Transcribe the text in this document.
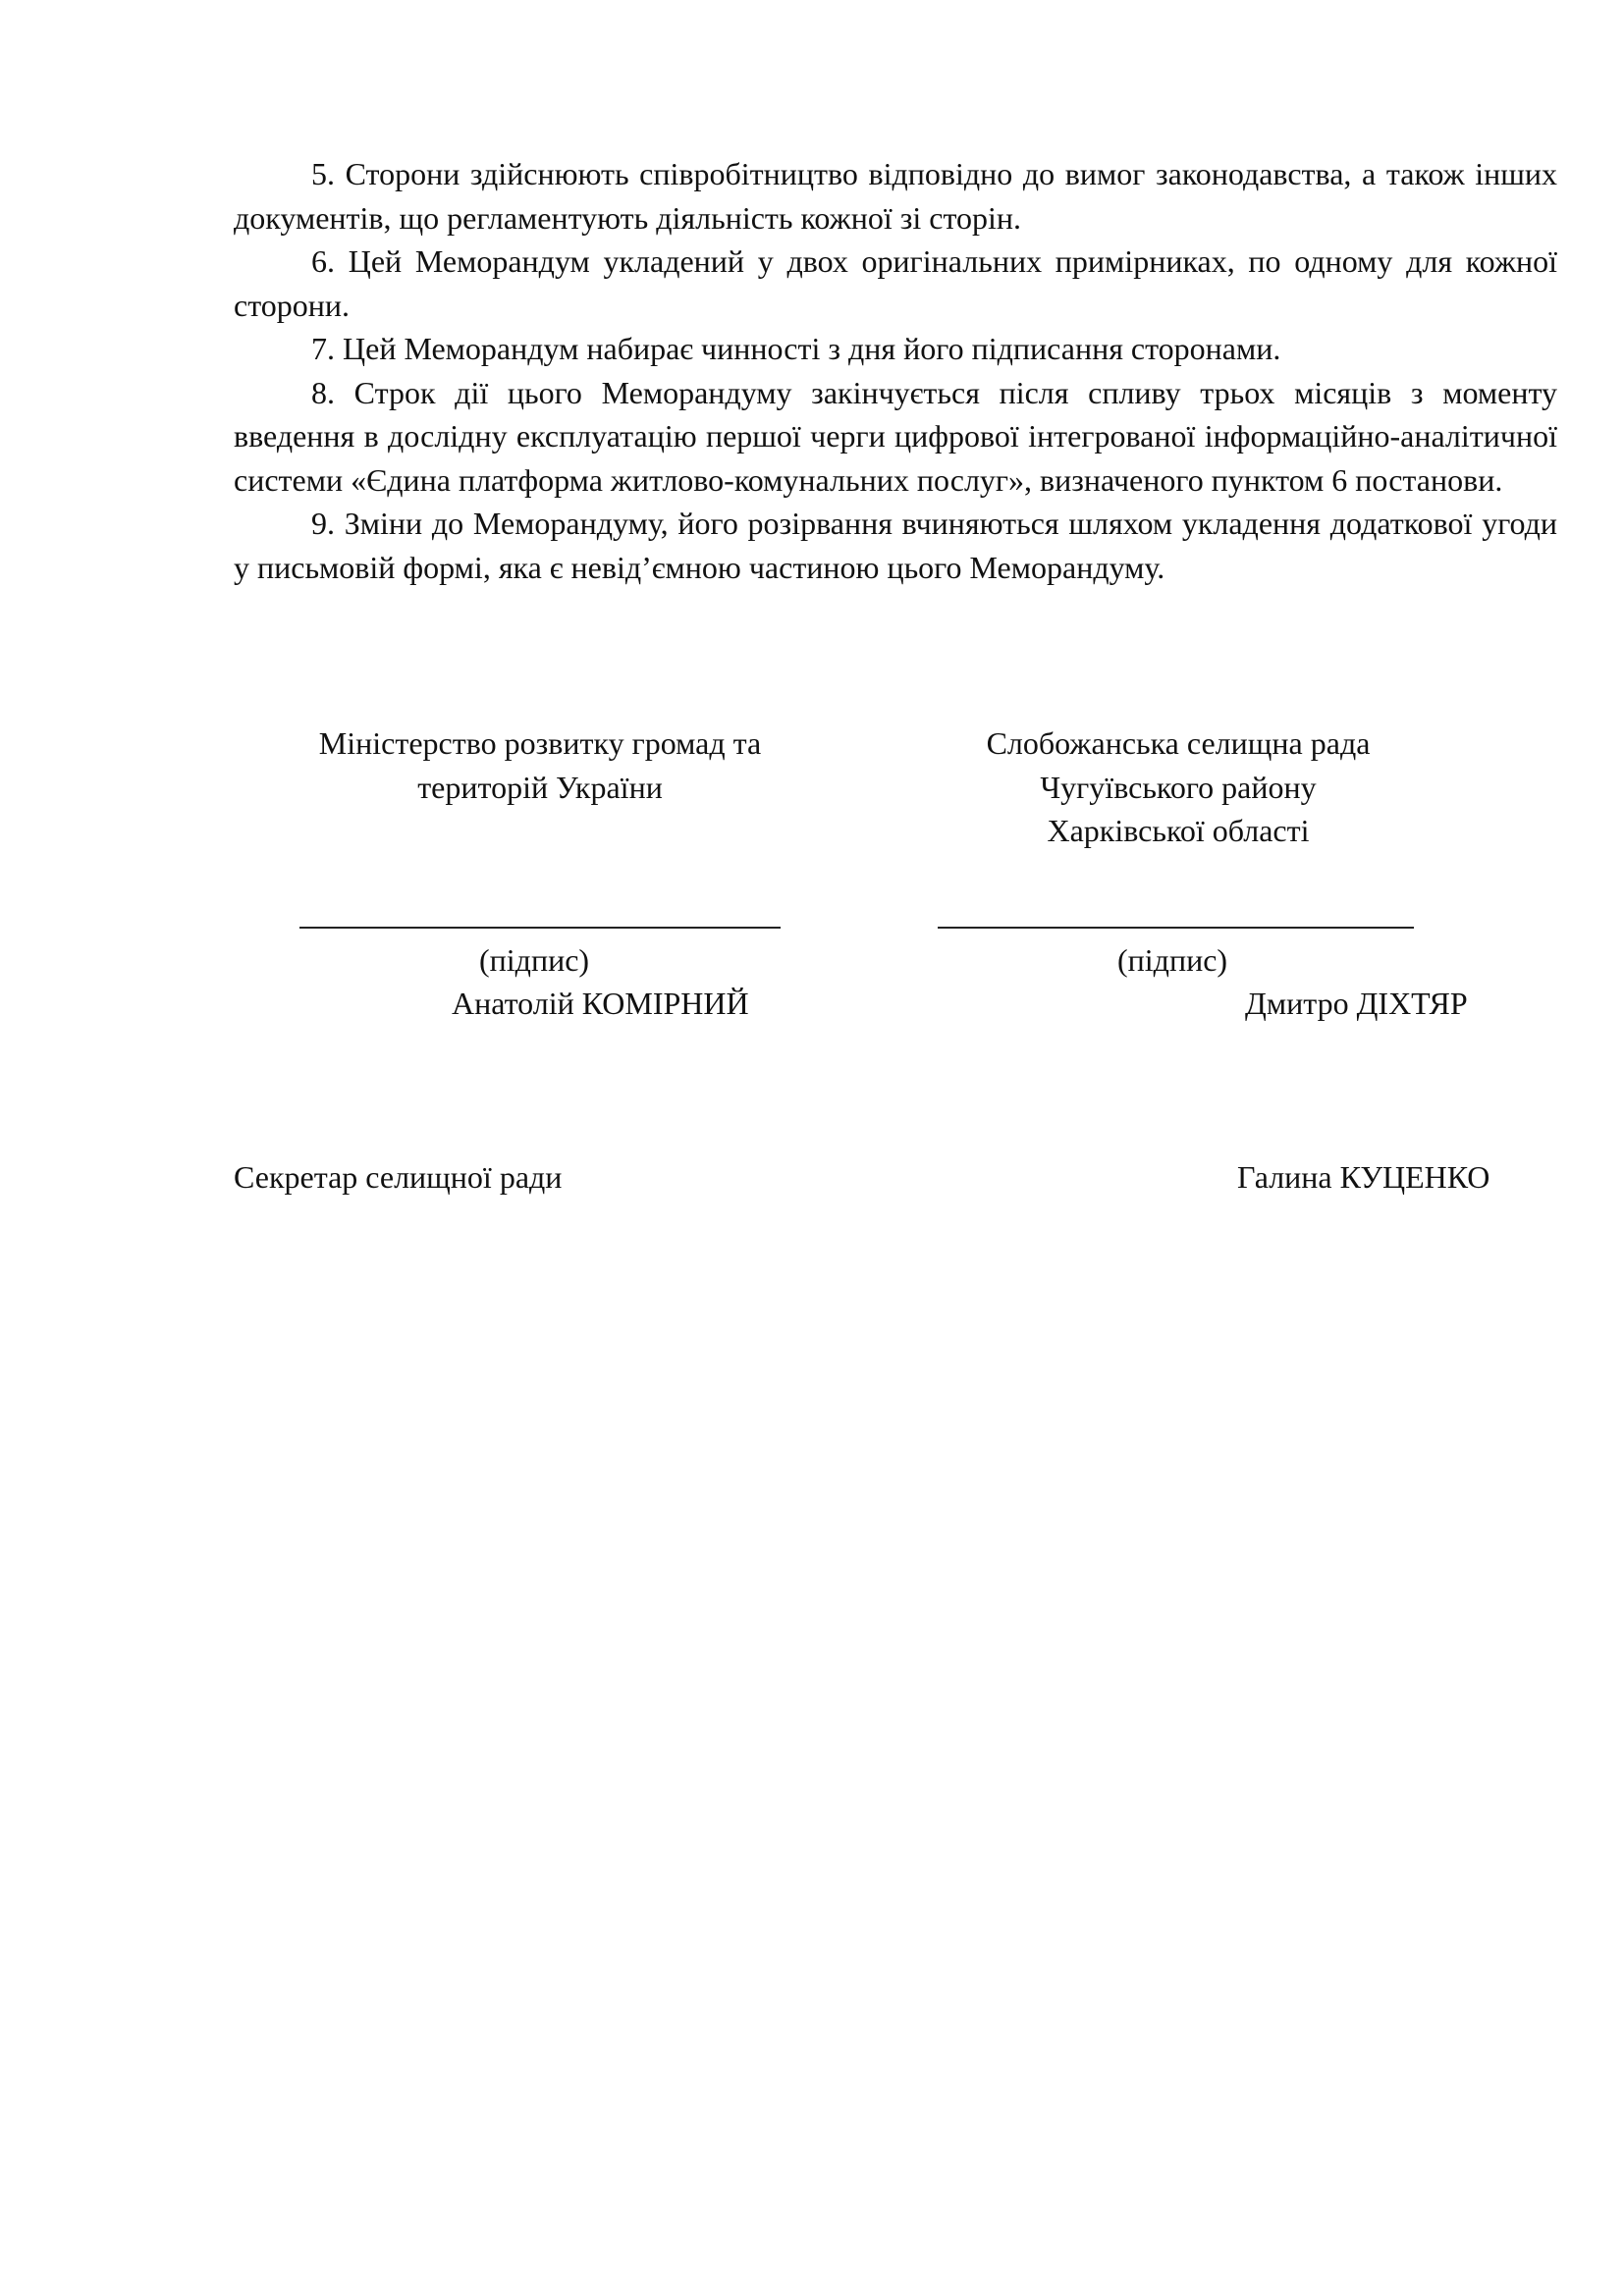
5. Сторони здійснюють співробітництво відповідно до вимог законодавства, а також інших документів, що регламентують діяльність кожної зі сторін.

6. Цей Меморандум укладений у двох оригінальних примірниках, по одному для кожної сторони.

7. Цей Меморандум набирає чинності з дня його підписання сторонами.

8. Строк дії цього Меморандуму закінчується після спливу трьох місяців з моменту введення в дослідну експлуатацію першої черги цифрової інтегрованої інформаційно-аналітичної системи «Єдина платформа житлово-комунальних послуг», визначеного пунктом 6 постанови.

9. Зміни до Меморандуму, його розірвання вчиняються шляхом укладення додаткової угоди у письмовій формі, яка є невід’ємною частиною цього Меморандуму.

Міністерство розвитку громад та
територій України
Слобожанська селищна рада
Чугуївського району
Харківської області
(підпис)	(підпис)
Анатолій КОМІРНИЙ	Дмитро ДІХТЯР
Секретар селищної ради	Галина КУЦЕНКО
